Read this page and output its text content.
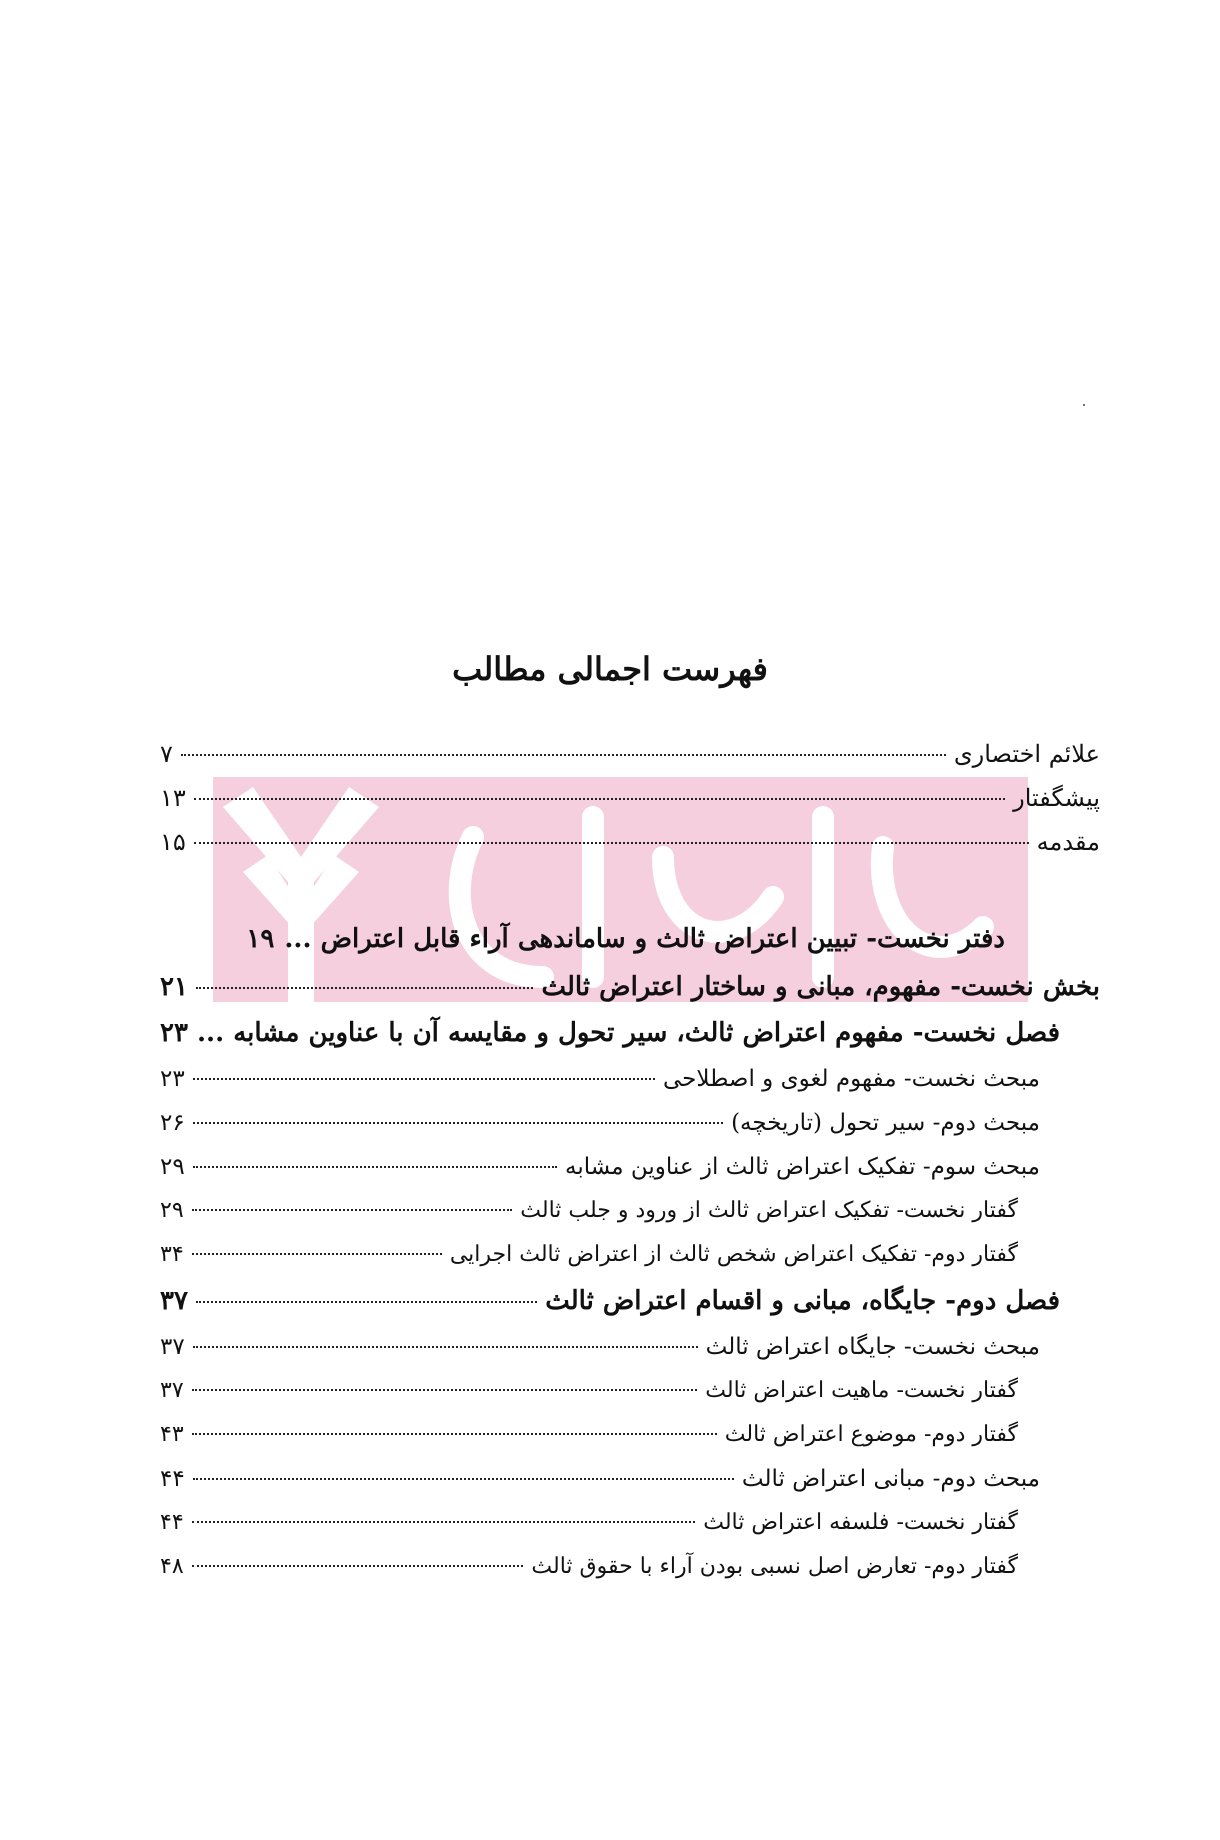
فهرست اجمالی مطالب
علائم اختصاری
۷
پیشگفتار
۱۳
مقدمه
۱۵
دفتر نخست- تبیین اعتراض ثالث و ساماندهی آراء قابل اعتراض ...
۱۹
بخش نخست- مفهوم، مبانی و ساختار اعتراض ثالث
۲۱
فصل نخست- مفهوم اعتراض ثالث، سیر تحول و مقایسه آن با عناوین مشابه ...
۲۳
مبحث نخست- مفهوم لغوی و اصطلاحی
۲۳
مبحث دوم- سیر تحول (تاریخچه)
۲۶
مبحث سوم- تفکیک اعتراض ثالث از عناوین مشابه
۲۹
گفتار نخست- تفکیک اعتراض ثالث از ورود و جلب ثالث
۲۹
گفتار دوم- تفکیک اعتراض شخص ثالث از اعتراض ثالث اجرایی
۳۴
فصل دوم- جایگاه، مبانی و اقسام اعتراض ثالث
۳۷
مبحث نخست- جایگاه اعتراض ثالث
۳۷
گفتار نخست- ماهیت اعتراض ثالث
۳۷
گفتار دوم- موضوع اعتراض ثالث
۴۳
مبحث دوم- مبانی اعتراض ثالث
۴۴
گفتار نخست- فلسفه اعتراض ثالث
۴۴
گفتار دوم- تعارض اصل نسبی بودن آراء با حقوق ثالث
۴۸
